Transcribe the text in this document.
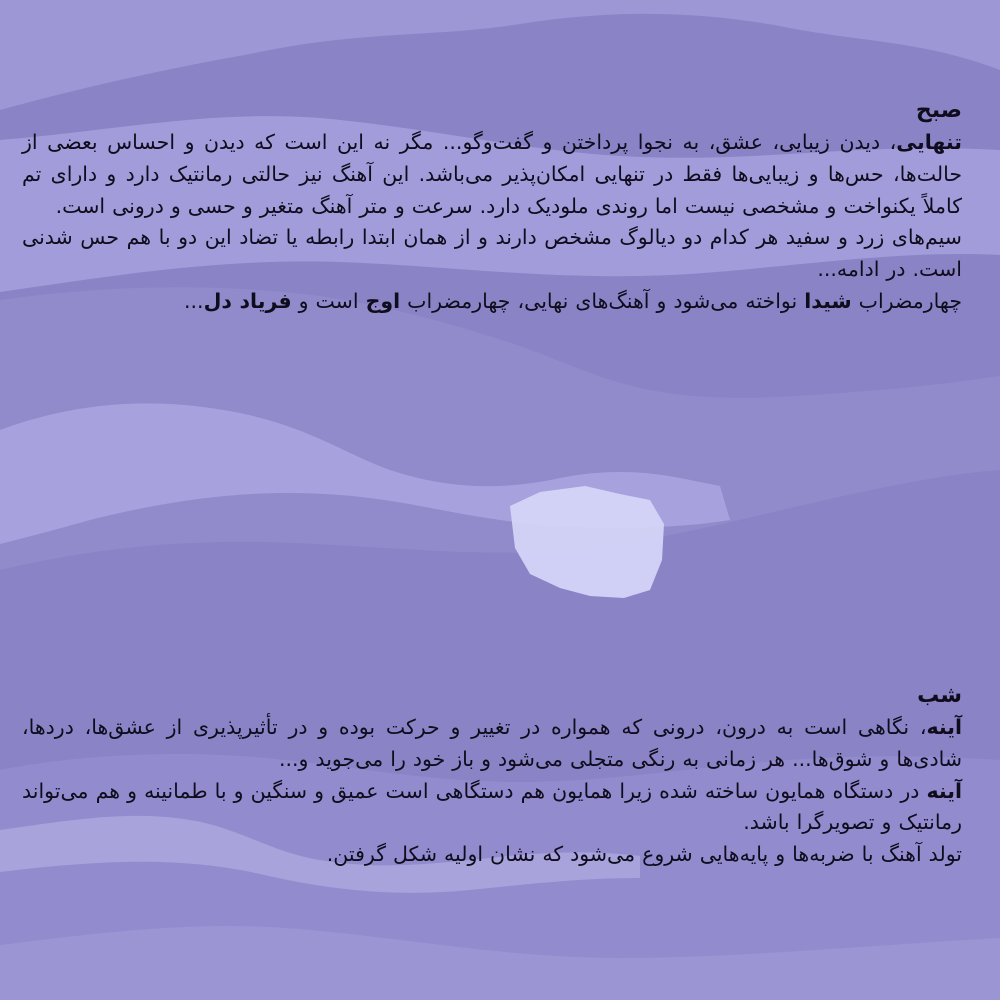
صبح

تنهایی، دیدن زیبایی، عشق، به نجوا پرداختن و گفت‌وگو... مگر نه این است که دیدن و احساس بعضی از حالت‌ها، حس‌ها و زیبایی‌ها فقط در تنهایی امکان‌پذیر می‌باشد. این آهنگ نیز حالتی رمانتیک دارد و دارای تم کاملاً یکنواخت و مشخصی نیست اما روندی ملودیک دارد. سرعت و متر آهنگ متغیر و حسی و درونی است.

سیم‌های زرد و سفید هر کدام دو دیالوگ مشخص دارند و از همان ابتدا رابطه یا تضاد این دو با هم حس شدنی است. در ادامه...

چهارمضراب شیدا نواخته می‌شود و آهنگ‌های نهایی، چهارمضراب اوج است و فریاد دل...

شب

آینه، نگاهی است به درون، درونی که همواره در تغییر و حرکت بوده و در تأثیرپذیری از عشق‌ها، دردها، شادی‌ها و شوق‌ها... هر زمانی به رنگی متجلی می‌شود و باز خود را می‌جوید و...

آینه در دستگاه همایون ساخته شده زیرا همایون هم دستگاهی است عمیق و سنگین و با طمانینه و هم می‌تواند رمانتیک و تصویرگرا باشد.

تولد آهنگ با ضربه‌ها و پایه‌هایی شروع می‌شود که نشان اولیه شکل گرفتن.
